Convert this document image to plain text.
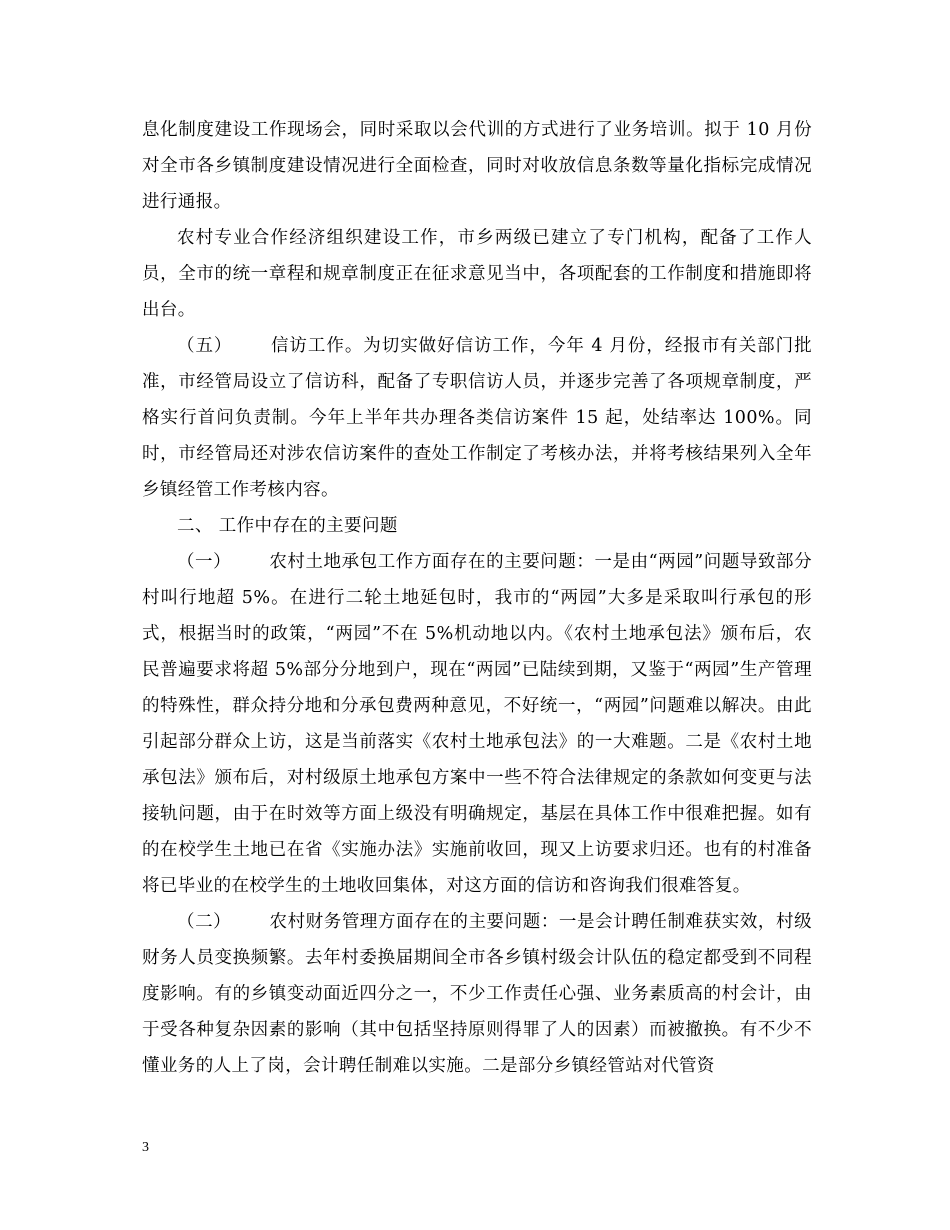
息化制度建设工作现场会，同时采取以会代训的方式进行了业务培训。拟于 10 月份对全市各乡镇制度建设情况进行全面检查，同时对收放信息条数等量化指标完成情况进行通报。

农村专业合作经济组织建设工作，市乡两级已建立了专门机构，配备了工作人员，全市的统一章程和规章制度正在征求意见当中，各项配套的工作制度和措施即将出台。

（五） 信访工作。为切实做好信访工作，今年 4 月份，经报市有关部门批准，市经管局设立了信访科，配备了专职信访人员，并逐步完善了各项规章制度，严格实行首问负责制。今年上半年共办理各类信访案件 15 起，处结率达 100%。同时，市经管局还对涉农信访案件的查处工作制定了考核办法，并将考核结果列入全年乡镇经管工作考核内容。

二、 工作中存在的主要问题

（一） 农村土地承包工作方面存在的主要问题：一是由“两园”问题导致部分村叫行地超 5%。在进行二轮土地延包时，我市的“两园”大多是采取叫行承包的形式，根据当时的政策，“两园”不在 5%机动地以内。《农村土地承包法》颁布后，农民普遍要求将超 5%部分分地到户，现在“两园”已陆续到期，又鉴于“两园”生产管理的特殊性，群众持分地和分承包费两种意见，不好统一，“两园”问题难以解决。由此引起部分群众上访，这是当前落实《农村土地承包法》的一大难题。二是《农村土地承包法》颁布后，对村级原土地承包方案中一些不符合法律规定的条款如何变更与法接轨问题，由于在时效等方面上级没有明确规定，基层在具体工作中很难把握。如有的在校学生土地已在省《实施办法》实施前收回，现又上访要求归还。也有的村准备将已毕业的在校学生的土地收回集体，对这方面的信访和咨询我们很难答复。

（二） 农村财务管理方面存在的主要问题：一是会计聘任制难获实效，村级财务人员变换频繁。去年村委换届期间全市各乡镇村级会计队伍的稳定都受到不同程度影响。有的乡镇变动面近四分之一，不少工作责任心强、业务素质高的村会计，由于受各种复杂因素的影响（其中包括坚持原则得罪了人的因素）而被撤换。有不少不懂业务的人上了岗，会计聘任制难以实施。二是部分乡镇经管站对代管资

3
